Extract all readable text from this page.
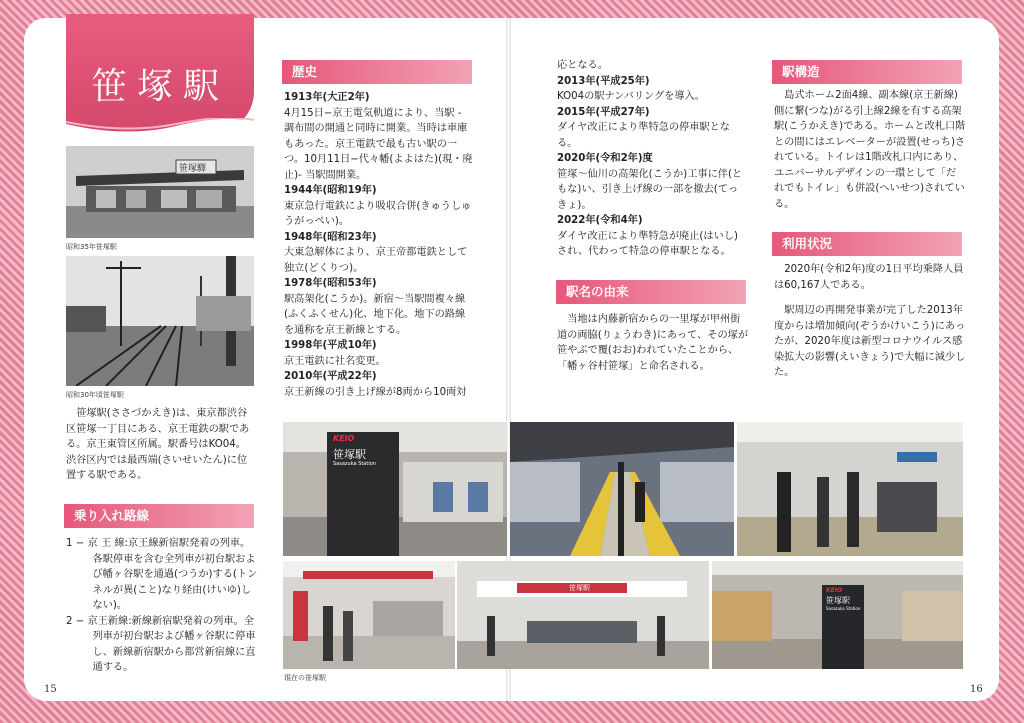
笹塚駅
笹塚驛
昭和35年笹塚駅
昭和30年頃笹塚駅
笹塚駅(ささづかえき)は、東京都渋谷区笹塚一丁目にある、京王電鉄の駅である。京王東管区所属。駅番号はKO04。渋谷区内では最西端(さいせいたん)に位置する駅である。
乗り入れ路線

1 − 京 王 線:京王線新宿駅発着の列車。各駅停車を含む全列車が初台駅および幡ヶ谷駅を通過(つうか)する(トンネルが異(こと)なり経由(けいゆ)しない)。

2 − 京王新線:新線新宿駅発着の列車。全列車が初台駅および幡ヶ谷駅に停車し、新線新宿駅から都営新宿線に直通する。

歴史

1913年(大正2年)

4月15日−京王電気軌道により、当駅 - 調布間の開通と同時に開業。当時は車庫もあった。京王電鉄で最も古い駅の一つ。10月11日−代々幡(よよはた)(現・廃止)- 当駅間開業。

1944年(昭和19年)

東京急行電鉄により吸収合併(きゅうしゅうがっぺい)。

1948年(昭和23年)

大東急解体により、京王帝都電鉄として独立(どくりつ)。

1978年(昭和53年)

駅高架化(こうか)。新宿〜当駅間複々線(ふくふくせん)化、地下化。地下の路線を通称を京王新線とする。

1998年(平成10年)

京王電鉄に社名変更。

2010年(平成22年)

京王新線の引き上げ線が8両から10両対

応となる。

2013年(平成25年)

KO04の駅ナンバリングを導入。

2015年(平成27年)

ダイヤ改正により準特急の停車駅となる。

2020年(令和2年)度

笹塚〜仙川の高架化(こうか)工事に伴(ともな)い、引き上げ線の一部を撤去(てっきょ)。

2022年(令和4年)

ダイヤ改正により準特急が廃止(はいし)され、代わって特急の停車駅となる。

駅名の由来
当地は内藤新宿からの一里塚が甲州街道の両脇(りょうわき)にあって、その塚が笹やぶで覆(おお)われていたことから、「幡ヶ谷村笹塚」と命名される。
駅構造
島式ホーム2面4線、副本線(京王新線)側に繋(つな)がる引上線2線を有する高架駅(こうかえき)である。ホームと改札口階との間にはエレベーターが設置(せっち)されている。トイレは1階改札口内にあり、ユニバーサルデザインの一環として「だれでもトイレ」も併設(へいせつ)されている。
利用状況

2020年(令和2年)度の1日平均乗降人員は60,167人である。

駅周辺の再開発事業が完了した2013年度からは増加傾向(ぞうかけいこう)にあったが、2020年度は新型コロナウイルス感染拡大の影響(えいきょう)で大幅に減少した。

KEIO
笹塚駅
Sasazuka Station
笹塚駅	KEIO
笹塚駅
Sasazuka Station
現在の笹塚駅
15	16
